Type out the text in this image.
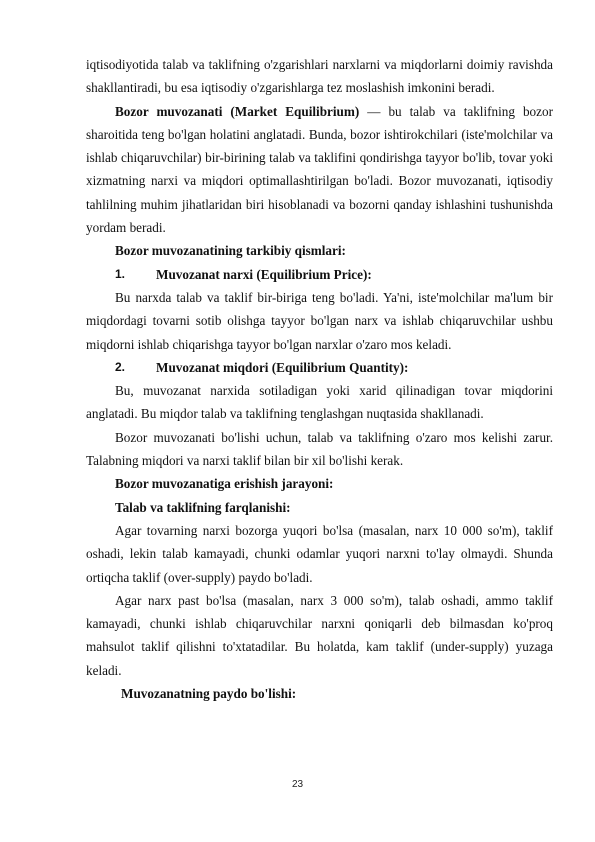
iqtisodiyotida talab va taklifning o'zgarishlari narxlarni va miqdorlarni doimiy ravishda shakllantiradi, bu esa iqtisodiy o'zgarishlarga tez moslashish imkonini beradi.

Bozor muvozanati (Market Equilibrium) — bu talab va taklifning bozor sharoitida teng bo'lgan holatini anglatadi. Bunda, bozor ishtirokchilari (iste'molchilar va ishlab chiqaruvchilar) bir-birining talab va taklifini qondirishga tayyor bo'lib, tovar yoki xizmatning narxi va miqdori optimallashtirilgan bo'ladi. Bozor muvozanati, iqtisodiy tahlilning muhim jihatlaridan biri hisoblanadi va bozorni qanday ishlashini tushunishda yordam beradi.

Bozor muvozanatining tarkibiy qismlari:

1.	Muvozanat narxi (Equilibrium Price):

Bu narxda talab va taklif bir-biriga teng bo'ladi. Ya'ni, iste'molchilar ma'lum bir miqdordagi tovarni sotib olishga tayyor bo'lgan narx va ishlab chiqaruvchilar ushbu miqdorni ishlab chiqarishga tayyor bo'lgan narxlar o'zaro mos keladi.

2.	Muvozanat miqdori (Equilibrium Quantity):

Bu, muvozanat narxida sotiladigan yoki xarid qilinadigan tovar miqdorini anglatadi. Bu miqdor talab va taklifning tenglashgan nuqtasida shakllanadi.

Bozor muvozanati bo'lishi uchun, talab va taklifning o'zaro mos kelishi zarur. Talabning miqdori va narxi taklif bilan bir xil bo'lishi kerak.

Bozor muvozanatiga erishish jarayoni:

Talab va taklifning farqlanishi:

Agar tovarning narxi bozorga yuqori bo'lsa (masalan, narx 10 000 so'm), taklif oshadi, lekin talab kamayadi, chunki odamlar yuqori narxni to'lay olmaydi. Shunda ortiqcha taklif (over-supply) paydo bo'ladi.

Agar narx past bo'lsa (masalan, narx 3 000 so'm), talab oshadi, ammo taklif kamayadi, chunki ishlab chiqaruvchilar narxni qoniqarli deb bilmasdan ko'proq mahsulot taklif qilishni to'xtatadilar. Bu holatda, kam taklif (under-supply) yuzaga keladi.

Muvozanatning paydo bo'lishi:

23
